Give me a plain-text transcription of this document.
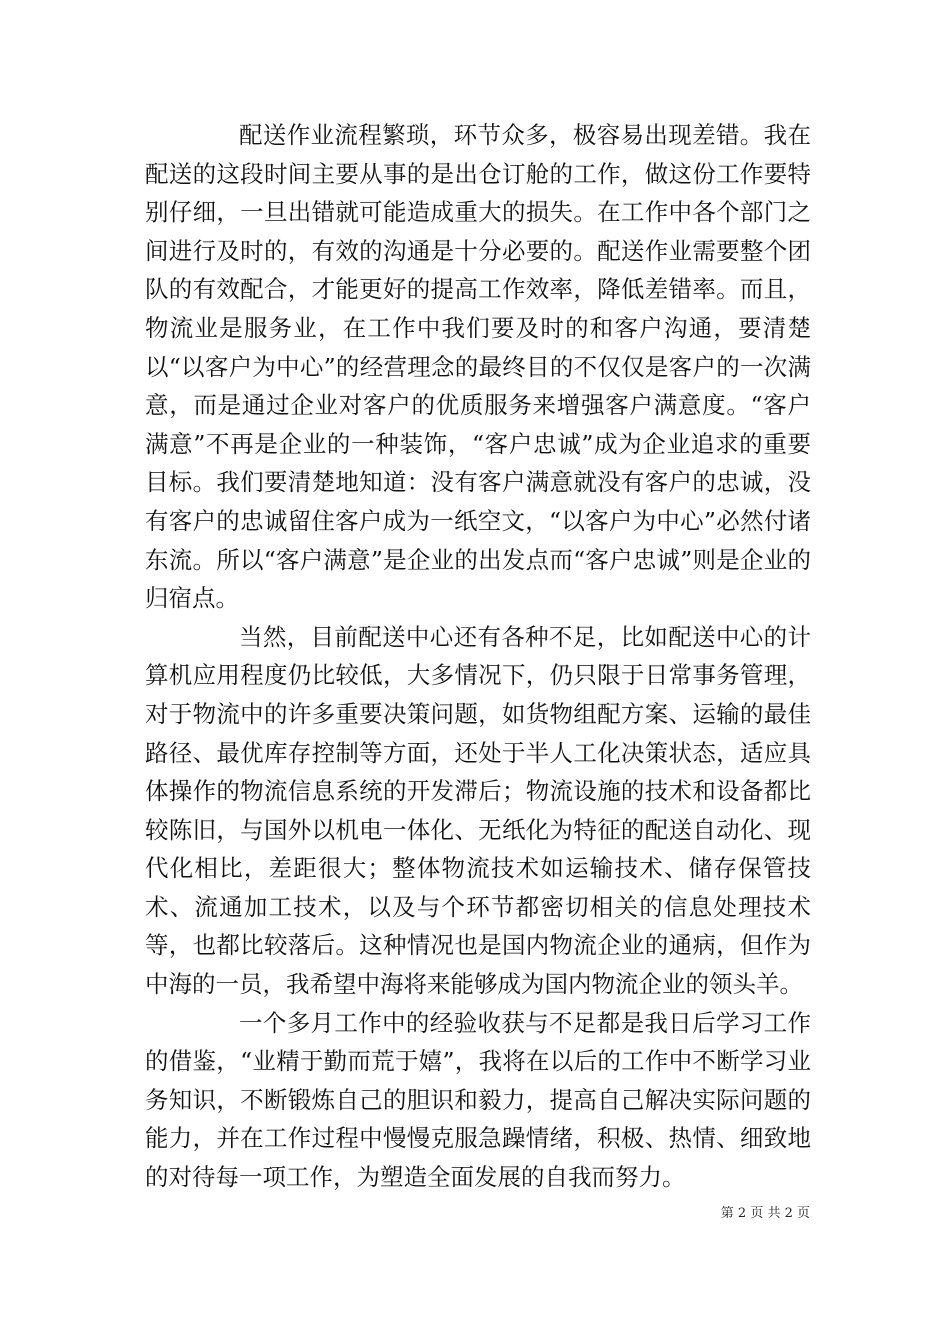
配送作业流程繁琐，环节众多，极容易出现差错。我在配送的这段时间主要从事的是出仓订舱的工作，做这份工作要特别仔细，一旦出错就可能造成重大的损失。在工作中各个部门之间进行及时的，有效的沟通是十分必要的。配送作业需要整个团队的有效配合，才能更好的提高工作效率，降低差错率。而且，物流业是服务业，在工作中我们要及时的和客户沟通，要清楚以“以客户为中心”的经营理念的最终目的不仅仅是客户的一次满意，而是通过企业对客户的优质服务来增强客户满意度。“客户满意”不再是企业的一种装饰，“客户忠诚”成为企业追求的重要目标。我们要清楚地知道：没有客户满意就没有客户的忠诚，没有客户的忠诚留住客户成为一纸空文，“以客户为中心”必然付诸东流。所以“客户满意”是企业的出发点而“客户忠诚”则是企业的归宿点。

当然，目前配送中心还有各种不足，比如配送中心的计算机应用程度仍比较低，大多情况下，仍只限于日常事务管理，对于物流中的许多重要决策问题，如货物组配方案、运输的最佳路径、最优库存控制等方面，还处于半人工化决策状态，适应具体操作的物流信息系统的开发滞后；物流设施的技术和设备都比较陈旧，与国外以机电一体化、无纸化为特征的配送自动化、现代化相比，差距很大；整体物流技术如运输技术、储存保管技术、流通加工技术，以及与个环节都密切相关的信息处理技术等，也都比较落后。这种情况也是国内物流企业的通病，但作为中海的一员，我希望中海将来能够成为国内物流企业的领头羊。

一个多月工作中的经验收获与不足都是我日后学习工作的借鉴，“业精于勤而荒于嬉”，我将在以后的工作中不断学习业务知识，不断锻炼自己的胆识和毅力，提高自己解决实际问题的能力，并在工作过程中慢慢克服急躁情绪，积极、热情、细致地的对待每一项工作，为塑造全面发展的自我而努力。

第 2 页 共 2 页
